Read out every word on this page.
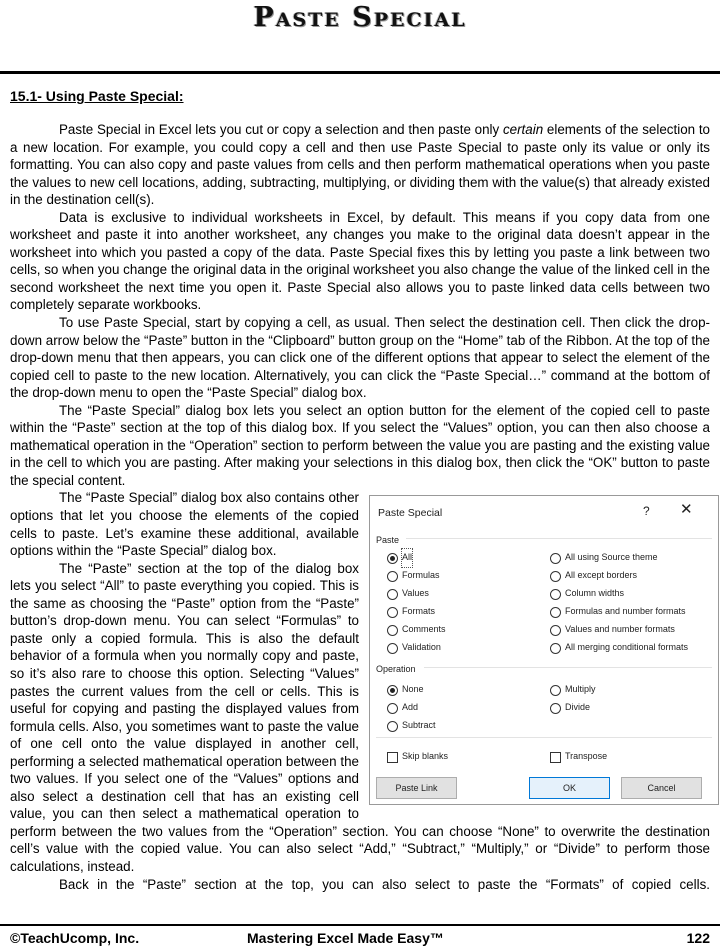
Paste Special
15.1- Using Paste Special:

Paste Special in Excel lets you cut or copy a selection and then paste only certain elements of the selection to a new location. For example, you could copy a cell and then use Paste Special to paste only its value or only its formatting. You can also copy and paste values from cells and then perform mathematical operations when you paste the values to new cell locations, adding, subtracting, multiplying, or dividing them with the value(s) that already existed in the destination cell(s).

Data is exclusive to individual worksheets in Excel, by default. This means if you copy data from one worksheet and paste it into another worksheet, any changes you make to the original data doesn’t appear in the worksheet into which you pasted a copy of the data. Paste Special fixes this by letting you paste a link between two cells, so when you change the original data in the original worksheet you also change the value of the linked cell in the second worksheet the next time you open it. Paste Special also allows you to paste linked data cells between two completely separate workbooks.

To use Paste Special, start by copying a cell, as usual. Then select the destination cell. Then click the drop-down arrow below the “Paste” button in the “Clipboard” button group on the “Home” tab of the Ribbon. At the top of the drop-down menu that then appears, you can click one of the different options that appear to select the element of the copied cell to paste to the new location. Alternatively, you can click the “Paste Special…” command at the bottom of the drop-down menu to open the “Paste Special” dialog box.

The “Paste Special” dialog box lets you select an option button for the element of the copied cell to paste within the “Paste” section at the top of this dialog box. If you select the “Values” option, you can then also choose a mathematical operation in the “Operation” section to perform between the value you are pasting and the existing value in the cell to which you are pasting. After making your selections in this dialog box, then click the “OK” button to paste the special content.

Paste Special	? ✕
Paste
All
Formulas
Values
Formats
Comments
Validation
All using Source theme
All except borders
Column widths
Formulas and number formats
Values and number formats
All merging conditional formats
Operation
None
Add
Subtract
Multiply
Divide
Skip blanks	Transpose
Paste Link	OK	Cancel

The “Paste Special” dialog box also contains other options that let you choose the elements of the copied cells to paste. Let’s examine these additional, available options within the “Paste Special” dialog box.

The “Paste” section at the top of the dialog box lets you select “All” to paste everything you copied. This is the same as choosing the “Paste” option from the “Paste” button’s drop-down menu. You can select “Formulas” to paste only a copied formula. This is also the default behavior of a formula when you normally copy and paste, so it’s also rare to choose this option. Selecting “Values” pastes the current values from the cell or cells. This is useful for copying and pasting the displayed values from formula cells. Also, you sometimes want to paste the value of one cell onto the value displayed in another cell, performing a selected mathematical operation between the two values. If you select one of the “Values” options and also select a destination cell that has an existing cell value, you can then select a mathematical operation to perform between the two values from the “Operation” section. You can choose “None” to overwrite the destination cell’s value with the copied value. You can also select “Add,” “Subtract,” “Multiply,” or “Divide” to perform those calculations, instead.

Back in the “Paste” section at the top, you can also select to paste the “Formats” of copied cells.

©TeachUcomp, Inc.	Mastering Excel Made Easy™	122
